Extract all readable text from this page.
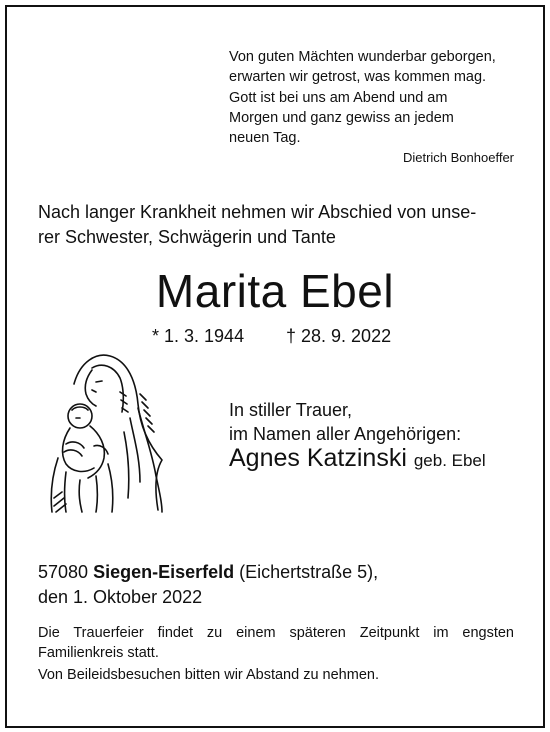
Von guten Mächten wunderbar geborgen,
erwarten wir getrost, was kommen mag.
Gott ist bei uns am Abend und am
Morgen und ganz gewiss an jedem
neuen Tag.
Dietrich Bonhoeffer
Nach langer Krankheit nehmen wir Abschied von unse-
rer Schwester, Schwägerin und Tante
Marita Ebel
* 1. 3. 1944 † 28. 9. 2022
In stiller Trauer,
im Namen aller Angehörigen:
Agnes Katzinski geb. Ebel
57080 Siegen-Eiserfeld (Eichertstraße 5),
den 1. Oktober 2022
Die Trauerfeier findet zu einem späteren Zeitpunkt im engsten Familienkreis statt.
Von Beileidsbesuchen bitten wir Abstand zu nehmen.
